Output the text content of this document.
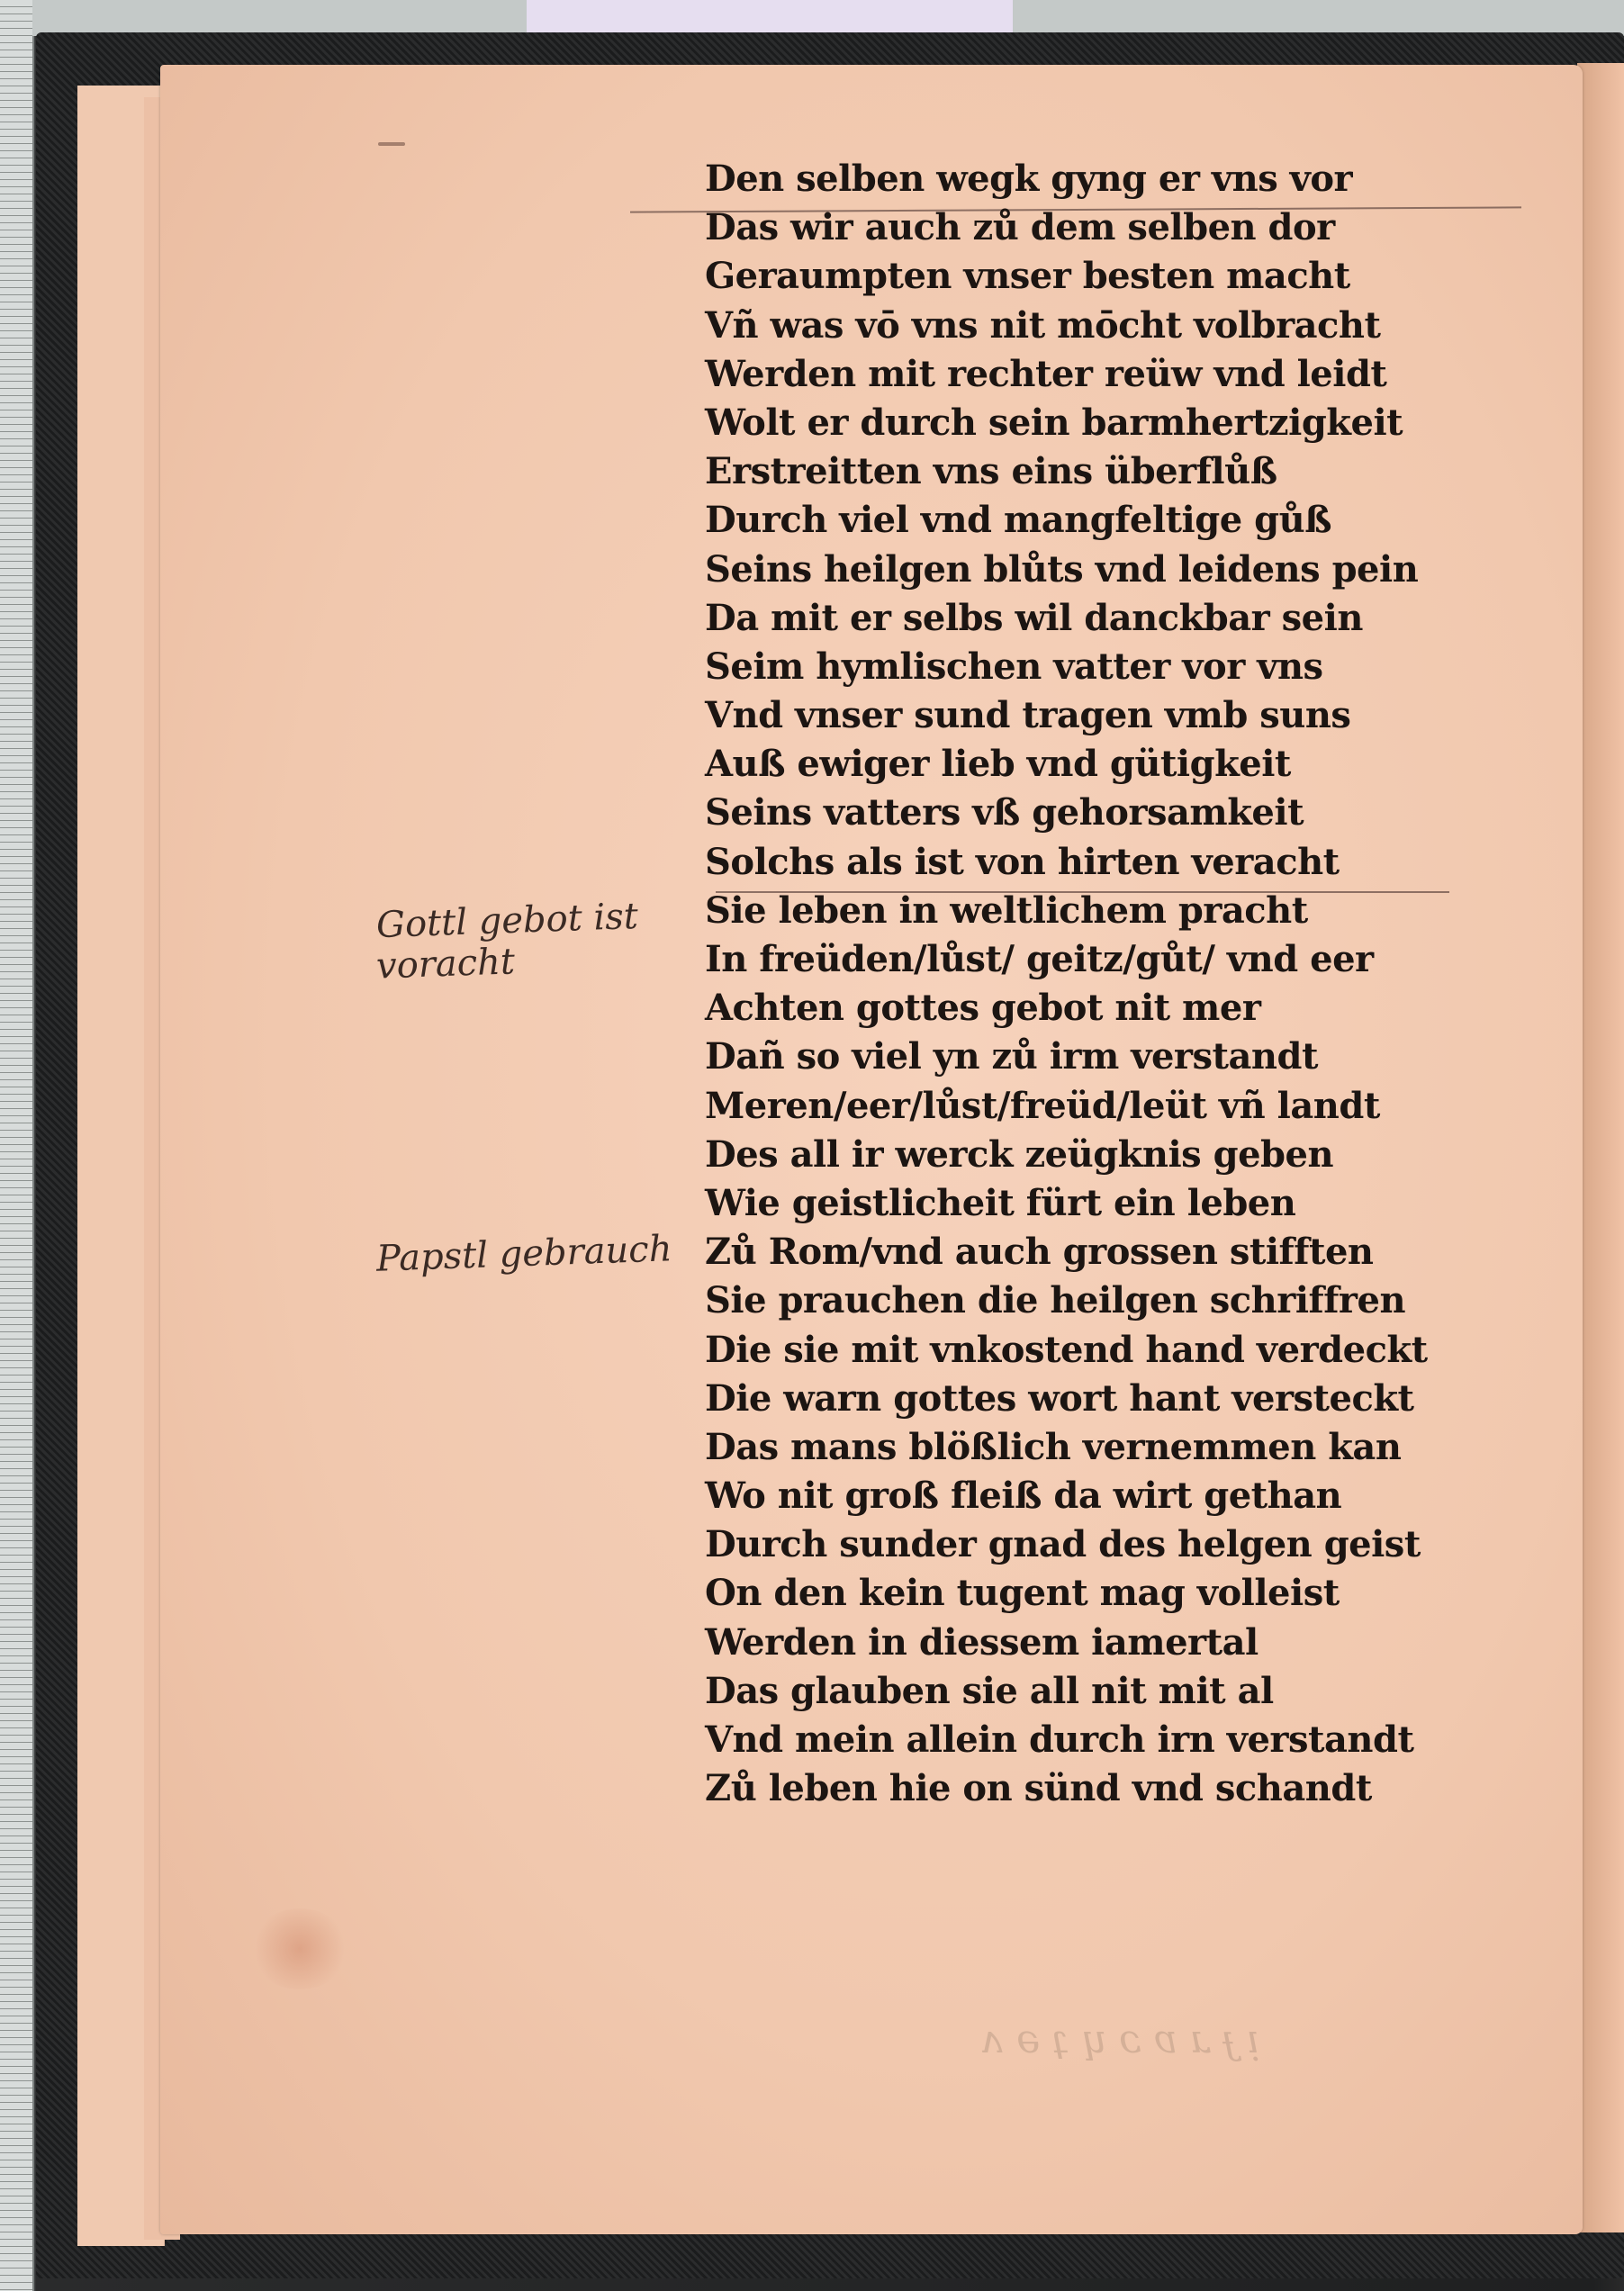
ᴉ ɟ ɹ ɐ ɔ ɥ ʇ ǝ ʌ
Den selben wegk gyng er vns vor
Das wir auch zů dem selben dor
Geraumpten vnser besten macht
Vñ was vō vns nit mōcht volbracht
Werden mit rechter reüw vnd leidt
Wolt er durch sein barmhertzigkeit
Erstreitten vns eins überflůß
Durch viel vnd mangfeltige gůß
Seins heilgen blůts vnd leidens pein
Da mit er selbs wil danckbar sein
Seim hymlischen vatter vor vns
Vnd vnser sund tragen vmb suns
Auß ewiger lieb vnd gütigkeit
Seins vatters vß gehorsamkeit
Solchs als ist von hirten veracht
Sie leben in weltlichem pracht
In freüden/lůst/ geitz/gůt/ vnd eer
Achten gottes gebot nit mer
Dañ so viel yn zů irm verstandt
Meren/eer/lůst/freüd/leüt vñ landt
Des all ir werck zeügknis geben
Wie geistlicheit fürt ein leben
Zů Rom/vnd auch grossen stifften
Sie prauchen die heilgen schriffren
Die sie mit vnkostend hand verdeckt
Die warn gottes wort hant versteckt
Das mans blößlich vernemmen kan
Wo nit groß fleiß da wirt gethan
Durch sunder gnad des helgen geist
On den kein tugent mag volleist
Werden in diessem iamertal
Das glauben sie all nit mit al
Vnd mein allein durch irn verstandt
Zů leben hie on sünd vnd schandt
Gottl gebot ist
voracht
Papstl gebrauch
